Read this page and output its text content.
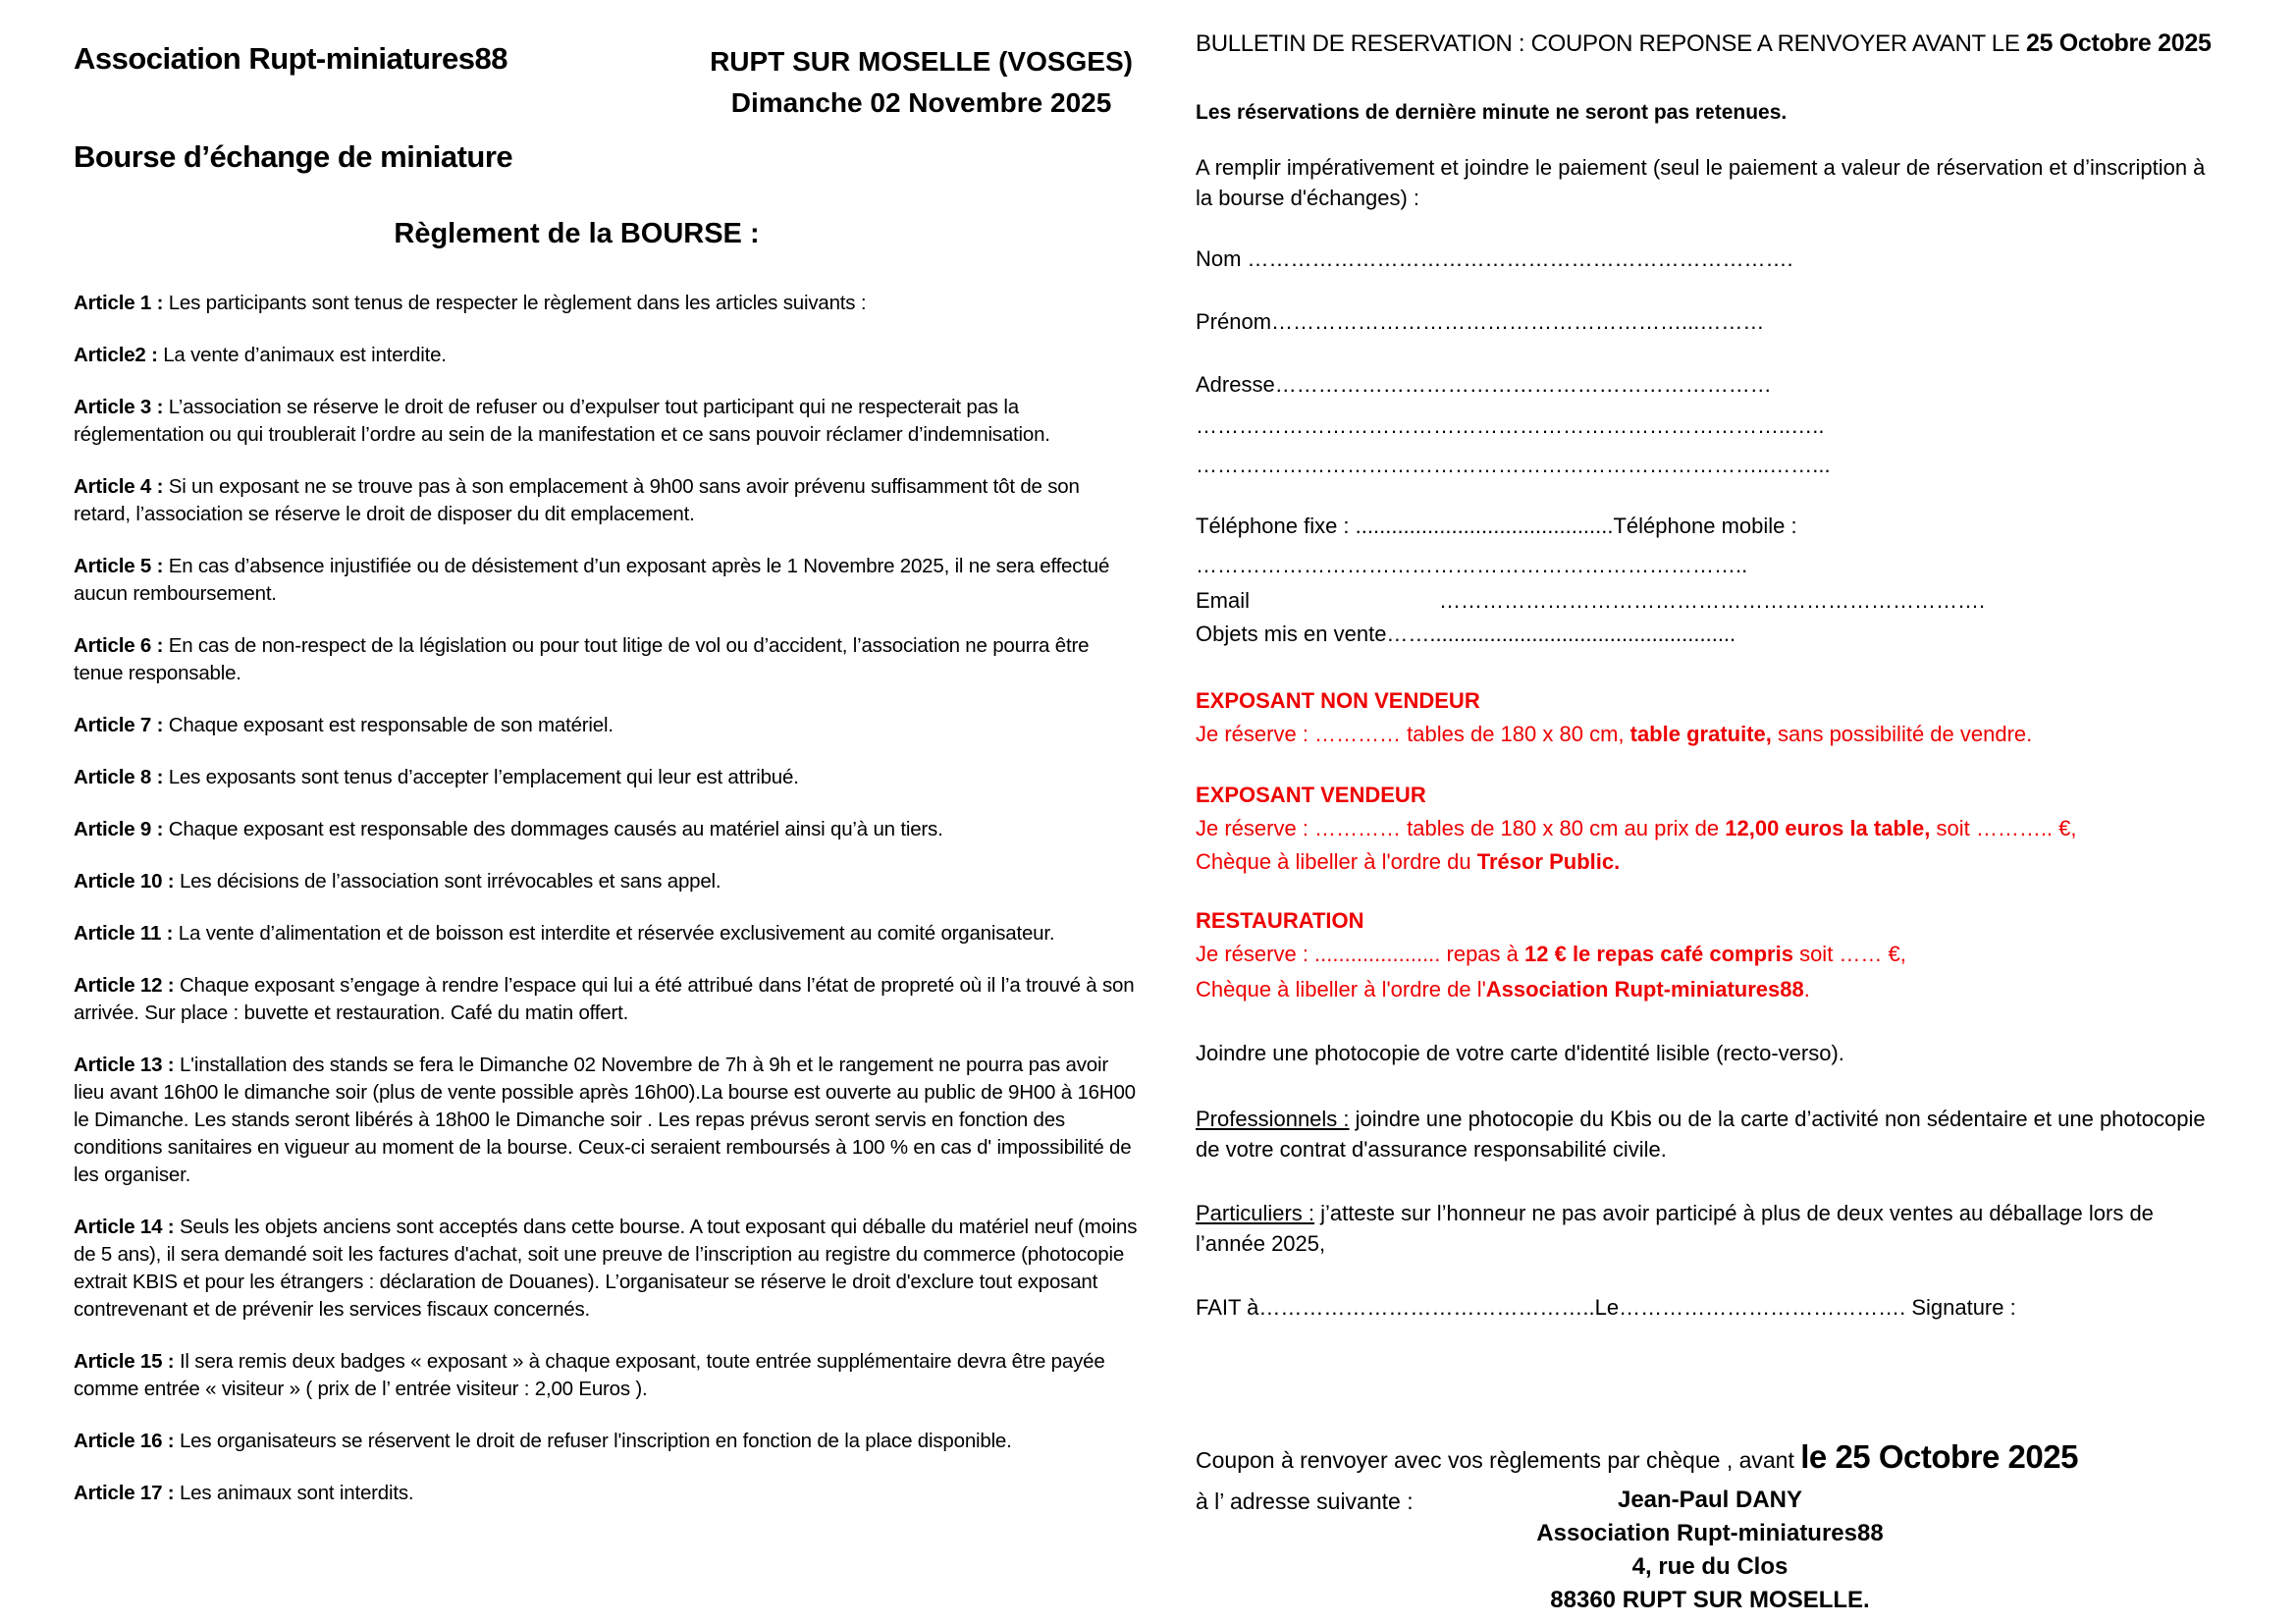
Association Rupt-miniatures88	RUPT SUR MOSELLE (VOSGES)
Dimanche 02 Novembre 2025
Bourse d’échange de miniature
Règlement de la BOURSE :

Article 1 : Les participants sont tenus de respecter le règlement dans les articles suivants :

Article2 : La vente d’animaux est interdite.

Article 3 : L’association se réserve le droit de refuser ou d’expulser tout participant qui ne respecterait pas la réglementation ou qui troublerait l’ordre au sein de la manifestation et ce sans pouvoir réclamer d’indemnisation.

Article 4 : Si un exposant ne se trouve pas à son emplacement à 9h00 sans avoir prévenu suffisamment tôt de son retard, l’association se réserve le droit de disposer du dit emplacement.

Article 5 : En cas d’absence injustifiée ou de désistement d’un exposant après le 1 Novembre 2025, il ne sera effectué aucun remboursement.

Article 6 : En cas de non-respect de la législation ou pour tout litige de vol ou d’accident, l’association ne pourra être tenue responsable.

Article 7 : Chaque exposant est responsable de son matériel.

Article 8 : Les exposants sont tenus d’accepter l’emplacement qui leur est attribué.

Article 9 : Chaque exposant est responsable des dommages causés au matériel ainsi qu’à un tiers.

Article 10 : Les décisions de l’association sont irrévocables et sans appel.

Article 11 : La vente d’alimentation et de boisson est interdite et réservée exclusivement au comité organisateur.

Article 12 : Chaque exposant s’engage à rendre l’espace qui lui a été attribué dans l’état de propreté où il l’a trouvé à son arrivée. Sur place : buvette et restauration. Café du matin offert.

Article 13 : L'installation des stands se fera le Dimanche 02 Novembre de 7h à 9h et le rangement ne pourra pas avoir lieu avant 16h00 le dimanche soir (plus de vente possible après 16h00).La bourse est ouverte au public de 9H00 à 16H00 le Dimanche. Les stands seront libérés à 18h00 le Dimanche soir . Les repas prévus seront servis en fonction des conditions sanitaires en vigueur au moment de la bourse. Ceux-ci seraient remboursés à 100 % en cas d' impossibilité de les organiser.

Article 14 : Seuls les objets anciens sont acceptés dans cette bourse. A tout exposant qui déballe du matériel neuf (moins de 5 ans), il sera demandé soit les factures d'achat, soit une preuve de l’inscription au registre du commerce (photocopie extrait KBIS et pour les étrangers : déclaration de Douanes). L’organisateur se réserve le droit d'exclure tout exposant contrevenant et de prévenir les services fiscaux concernés.

Article 15 : Il sera remis deux badges « exposant » à chaque exposant, toute entrée supplémentaire devra être payée comme entrée « visiteur » ( prix de l’ entrée visiteur : 2,00 Euros ).

Article 16 : Les organisateurs se réservent le droit de refuser l'inscription en fonction de la place disponible.

Article 17 : Les animaux sont interdits.

BULLETIN DE RESERVATION : COUPON REPONSE A RENVOYER AVANT LE 25 Octobre 2025
Les réservations de dernière minute ne seront pas retenues.
A remplir impérativement et joindre le paiement (seul le paiement a valeur de réservation et d’inscription à la bourse d'échanges) :
Nom ………………………………………………………………….
Prénom…………………………………………………...………
Adresse……………………………………………………………
………………………………………………………………………..…..
……………………………………………………………………..……...
Téléphone fixe : ...........................................Téléphone mobile :
…………………………………………………………………..
Email	………………………………………………………………….
Objets mis en vente……...................................................
EXPOSANT NON VENDEUR
Je réserve : ………… tables de 180 x 80 cm, table gratuite, sans possibilité de vendre.
EXPOSANT VENDEUR
Je réserve : ………… tables de 180 x 80 cm au prix de 12,00 euros la table, soit ……….. €,
Chèque à libeller à l'ordre du Trésor Public.
RESTAURATION
Je réserve : ..................... repas à 12 € le repas café compris soit …… €,
Chèque à libeller à l'ordre de l'Association Rupt-miniatures88.
Joindre une photocopie de votre carte d'identité lisible (recto-verso).
Professionnels : joindre une photocopie du Kbis ou de la carte d’activité non sédentaire et une photocopie de votre contrat d'assurance responsabilité civile.
Particuliers : j’atteste sur l’honneur ne pas avoir participé à plus de deux ventes au déballage lors de l’année 2025,
FAIT à………………………………………..Le…………………………………. Signature :
Coupon à renvoyer avec vos règlements par chèque , avant le 25 Octobre 2025
à l’ adresse suivante :	Jean-Paul DANY
Association Rupt-miniatures88
4, rue du Clos
88360 RUPT SUR MOSELLE.
